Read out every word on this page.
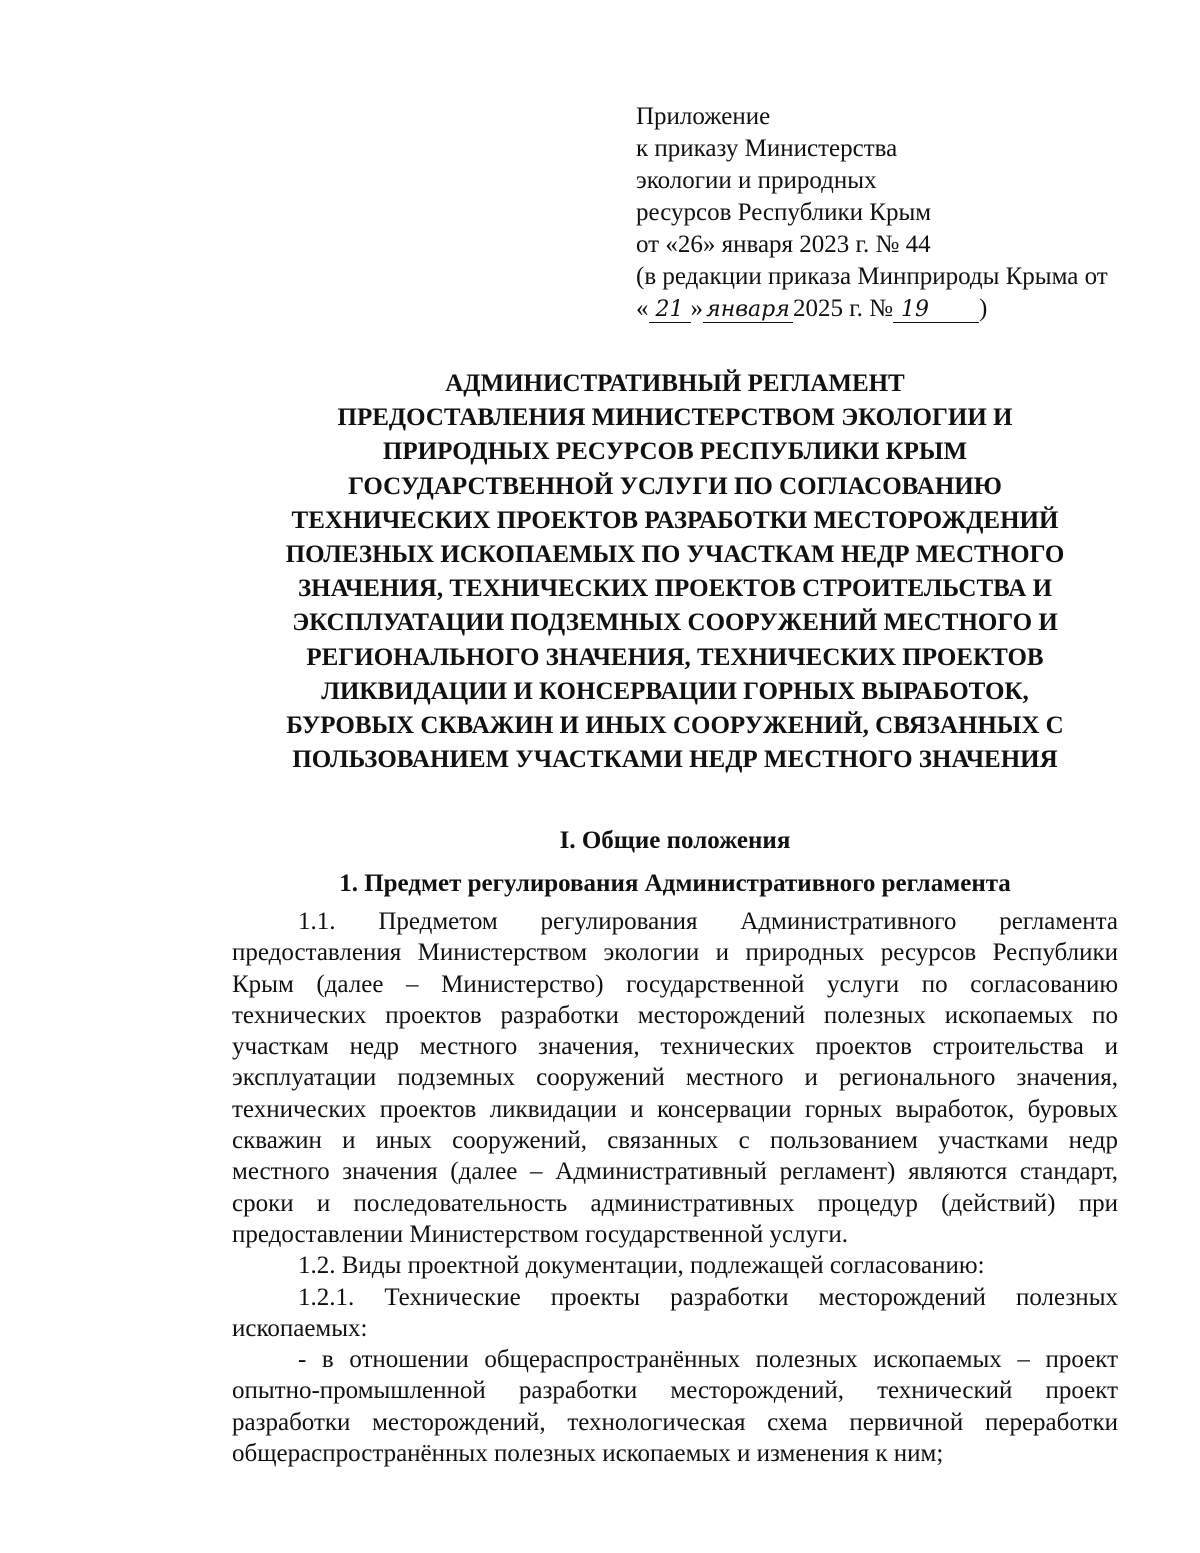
Приложение
к приказу Министерства
экологии и природных
ресурсов Республики Крым
от «26» января 2023 г. № 44
(в редакции приказа Минприроды Крыма от
« 21 » января 2025 г. № 19 )
АДМИНИСТРАТИВНЫЙ РЕГЛАМЕНТ
ПРЕДОСТАВЛЕНИЯ МИНИСТЕРСТВОМ ЭКОЛОГИИ И
ПРИРОДНЫХ РЕСУРСОВ РЕСПУБЛИКИ КРЫМ
ГОСУДАРСТВЕННОЙ УСЛУГИ ПО СОГЛАСОВАНИЮ
ТЕХНИЧЕСКИХ ПРОЕКТОВ РАЗРАБОТКИ МЕСТОРОЖДЕНИЙ
ПОЛЕЗНЫХ ИСКОПАЕМЫХ ПО УЧАСТКАМ НЕДР МЕСТНОГО
ЗНАЧЕНИЯ, ТЕХНИЧЕСКИХ ПРОЕКТОВ СТРОИТЕЛЬСТВА И
ЭКСПЛУАТАЦИИ ПОДЗЕМНЫХ СООРУЖЕНИЙ МЕСТНОГО И
РЕГИОНАЛЬНОГО ЗНАЧЕНИЯ, ТЕХНИЧЕСКИХ ПРОЕКТОВ
ЛИКВИДАЦИИ И КОНСЕРВАЦИИ ГОРНЫХ ВЫРАБОТОК,
БУРОВЫХ СКВАЖИН И ИНЫХ СООРУЖЕНИЙ, СВЯЗАННЫХ С
ПОЛЬЗОВАНИЕМ УЧАСТКАМИ НЕДР МЕСТНОГО ЗНАЧЕНИЯ
I. Общие положения
1. Предмет регулирования Административного регламента
1.1. Предметом регулирования Административного регламента
предоставления Министерством экологии и природных ресурсов Республики
Крым (далее – Министерство) государственной услуги по согласованию
технических проектов разработки месторождений полезных ископаемых по
участкам недр местного значения, технических проектов строительства и
эксплуатации подземных сооружений местного и регионального значения,
технических проектов ликвидации и консервации горных выработок, буровых
скважин и иных сооружений, связанных с пользованием участками недр
местного значения (далее – Административный регламент) являются стандарт,
сроки и последовательность административных процедур (действий) при
предоставлении Министерством государственной услуги.
1.2. Виды проектной документации, подлежащей согласованию:
1.2.1. Технические проекты разработки месторождений полезных
ископаемых:
- в отношении общераспространённых полезных ископаемых – проект
опытно-промышленной разработки месторождений, технический проект
разработки месторождений, технологическая схема первичной переработки
общераспространённых полезных ископаемых и изменения к ним;
